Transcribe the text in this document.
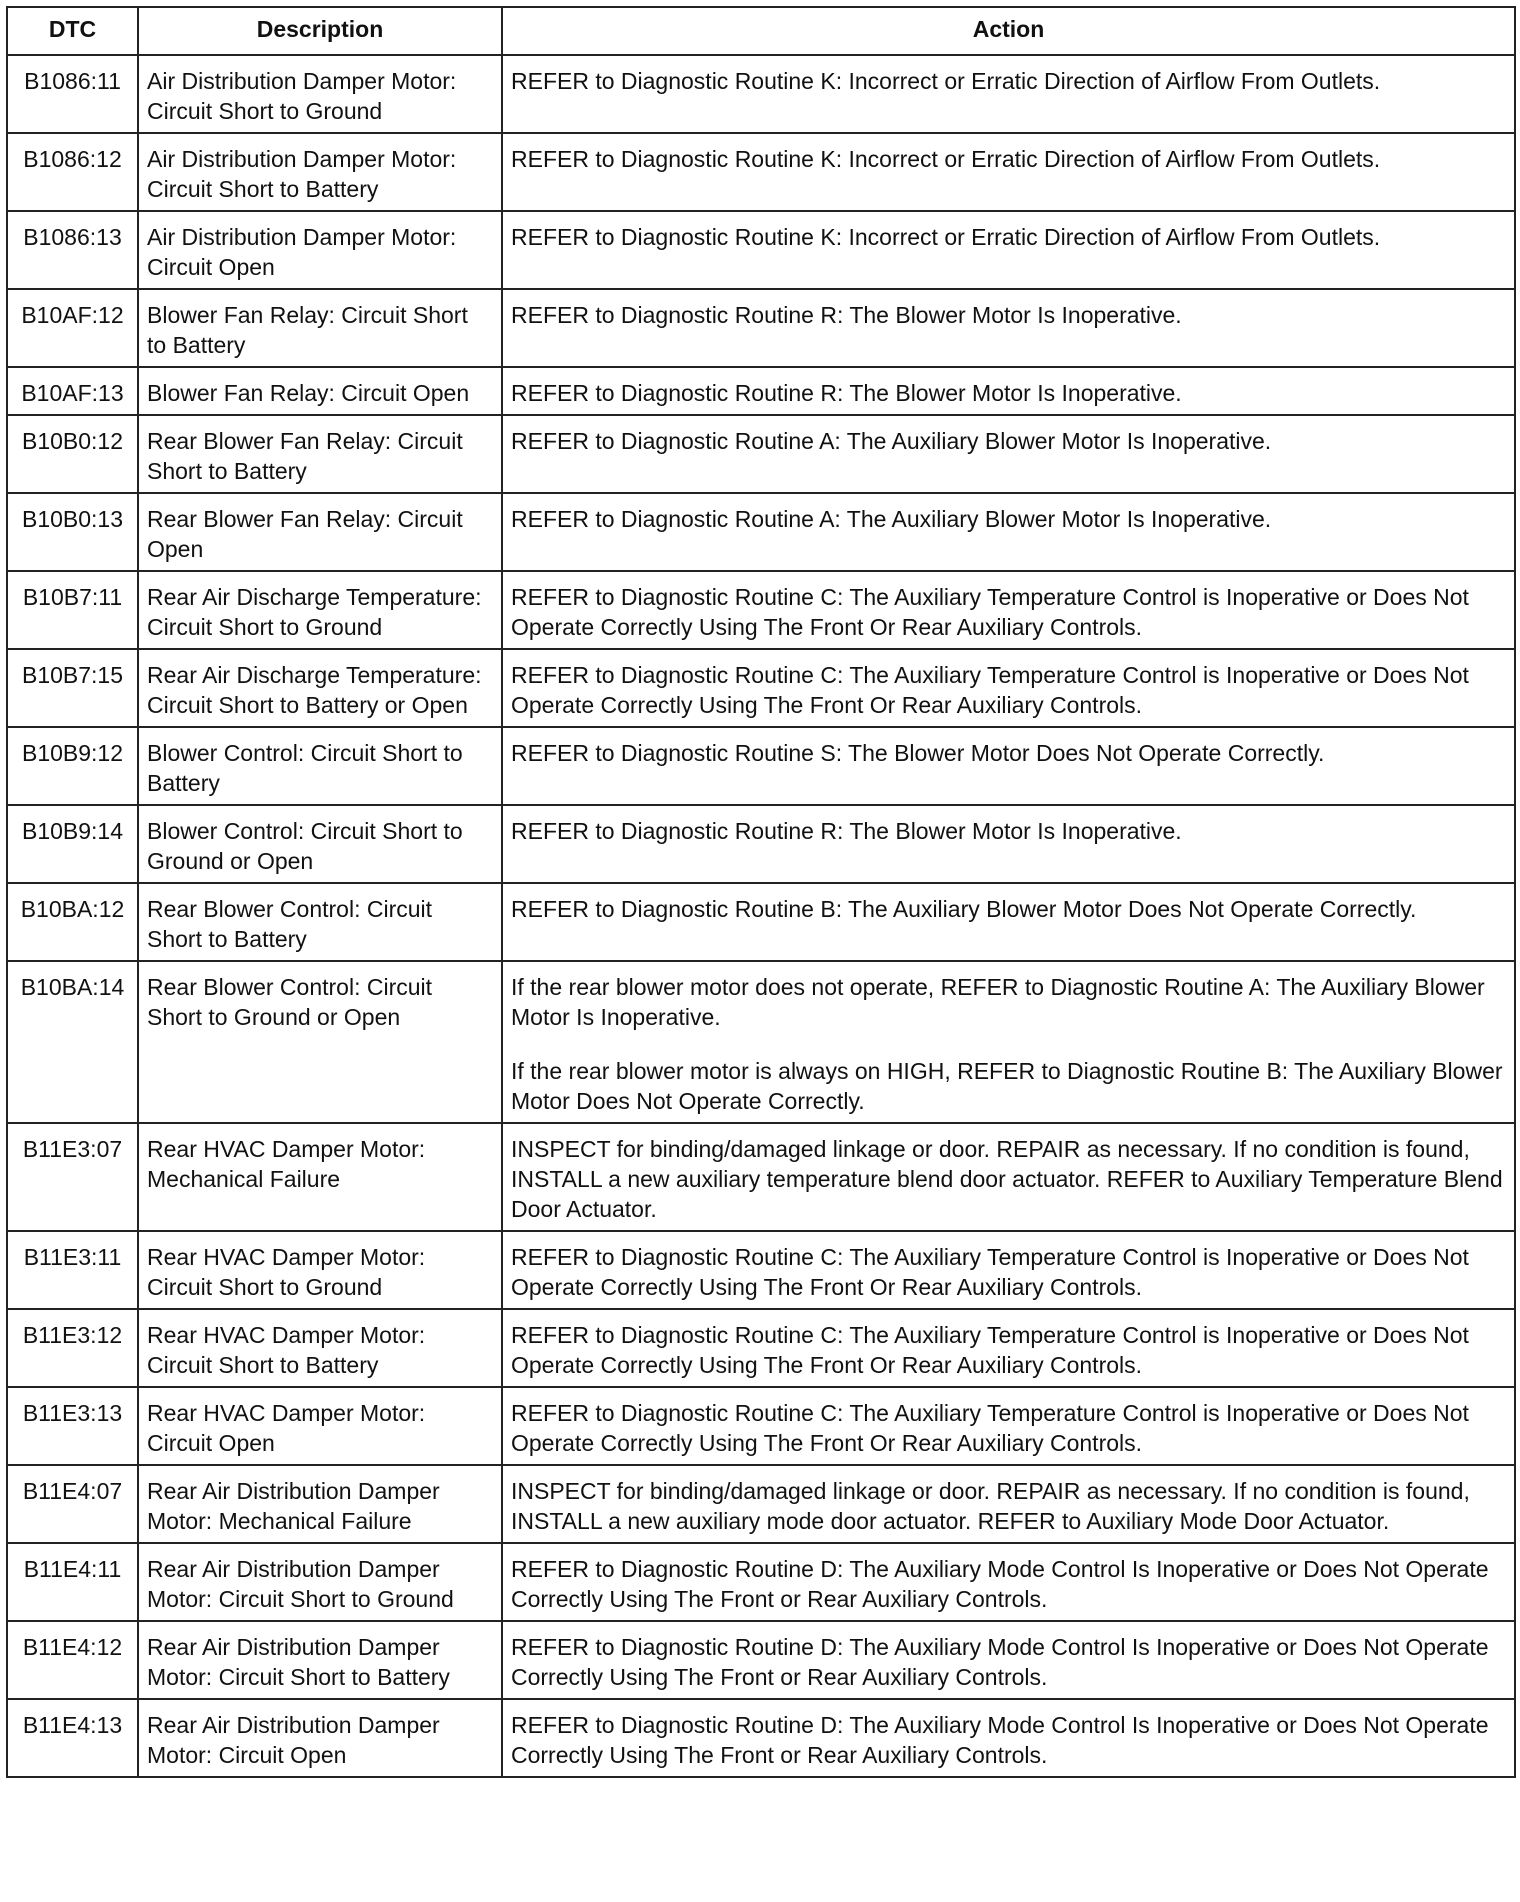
DTC	Description	Action
B1086:11	Air Distribution Damper Motor: Circuit Short to Ground	REFER to Diagnostic Routine K: Incorrect or Erratic Direction of Airflow From Outlets.

B1086:12	Air Distribution Damper Motor: Circuit Short to Battery	REFER to Diagnostic Routine K: Incorrect or Erratic Direction of Airflow From Outlets.

B1086:13	Air Distribution Damper Motor: Circuit Open	REFER to Diagnostic Routine K: Incorrect or Erratic Direction of Airflow From Outlets.

B10AF:12	Blower Fan Relay: Circuit Short to Battery	REFER to Diagnostic Routine R: The Blower Motor Is Inoperative.

B10AF:13	Blower Fan Relay: Circuit Open	REFER to Diagnostic Routine R: The Blower Motor Is Inoperative.

B10B0:12	Rear Blower Fan Relay: Circuit Short to Battery	REFER to Diagnostic Routine A: The Auxiliary Blower Motor Is Inoperative.

B10B0:13	Rear Blower Fan Relay: Circuit Open	REFER to Diagnostic Routine A: The Auxiliary Blower Motor Is Inoperative.

B10B7:11	Rear Air Discharge Temperature: Circuit Short to Ground	REFER to Diagnostic Routine C: The Auxiliary Temperature Control is Inoperative or Does Not Operate Correctly Using The Front Or Rear Auxiliary Controls.

B10B7:15	Rear Air Discharge Temperature: Circuit Short to Battery or Open	REFER to Diagnostic Routine C: The Auxiliary Temperature Control is Inoperative or Does Not Operate Correctly Using The Front Or Rear Auxiliary Controls.

B10B9:12	Blower Control: Circuit Short to Battery	REFER to Diagnostic Routine S: The Blower Motor Does Not Operate Correctly.

B10B9:14	Blower Control: Circuit Short to Ground or Open	REFER to Diagnostic Routine R: The Blower Motor Is Inoperative.

B10BA:12	Rear Blower Control: Circuit Short to Battery	REFER to Diagnostic Routine B: The Auxiliary Blower Motor Does Not Operate Correctly.

B10BA:14	Rear Blower Control: Circuit Short to Ground or Open	If the rear blower motor does not operate, REFER to Diagnostic Routine A: The Auxiliary Blower Motor Is Inoperative.
If the rear blower motor is always on HIGH, REFER to Diagnostic Routine B: The Auxiliary Blower Motor Does Not Operate Correctly.

B11E3:07	Rear HVAC Damper Motor: Mechanical Failure	INSPECT for binding/damaged linkage or door. REPAIR as necessary. If no condition is found, INSTALL a new auxiliary temperature blend door actuator. REFER to Auxiliary Temperature Blend Door Actuator.

B11E3:11	Rear HVAC Damper Motor: Circuit Short to Ground	REFER to Diagnostic Routine C: The Auxiliary Temperature Control is Inoperative or Does Not Operate Correctly Using The Front Or Rear Auxiliary Controls.

B11E3:12	Rear HVAC Damper Motor: Circuit Short to Battery	REFER to Diagnostic Routine C: The Auxiliary Temperature Control is Inoperative or Does Not Operate Correctly Using The Front Or Rear Auxiliary Controls.

B11E3:13	Rear HVAC Damper Motor: Circuit Open	REFER to Diagnostic Routine C: The Auxiliary Temperature Control is Inoperative or Does Not Operate Correctly Using The Front Or Rear Auxiliary Controls.

B11E4:07	Rear Air Distribution Damper Motor: Mechanical Failure	INSPECT for binding/damaged linkage or door. REPAIR as necessary. If no condition is found, INSTALL a new auxiliary mode door actuator. REFER to Auxiliary Mode Door Actuator.

B11E4:11	Rear Air Distribution Damper Motor: Circuit Short to Ground	REFER to Diagnostic Routine D: The Auxiliary Mode Control Is Inoperative or Does Not Operate Correctly Using The Front or Rear Auxiliary Controls.

B11E4:12	Rear Air Distribution Damper Motor: Circuit Short to Battery	REFER to Diagnostic Routine D: The Auxiliary Mode Control Is Inoperative or Does Not Operate Correctly Using The Front or Rear Auxiliary Controls.

B11E4:13	Rear Air Distribution Damper Motor: Circuit Open	REFER to Diagnostic Routine D: The Auxiliary Mode Control Is Inoperative or Does Not Operate Correctly Using The Front or Rear Auxiliary Controls.
